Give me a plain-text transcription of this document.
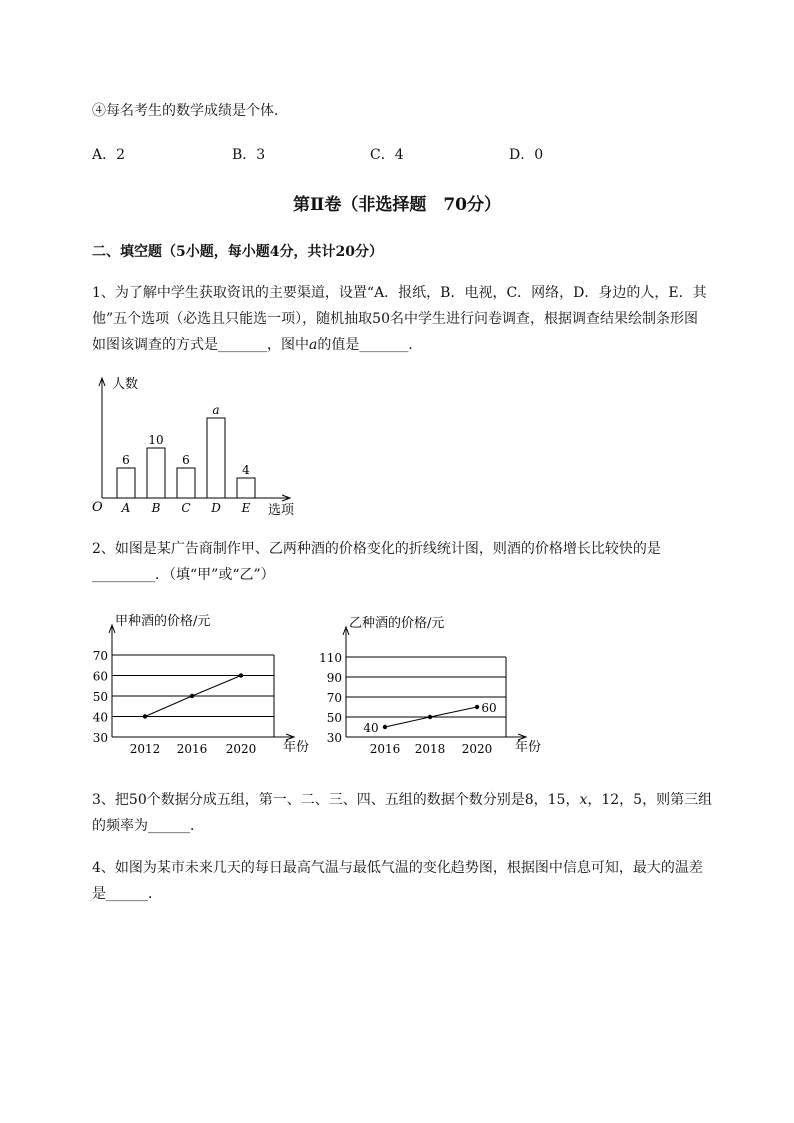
④每名考生的数学成绩是个体．
A．2	B．3	C．4	D．0
第Ⅱ卷（非选择题　70分）
二、填空题（5小题，每小题4分，共计20分）
1、为了解中学生获取资讯的主要渠道，设置“A．报纸，B．电视，C．网络，D．身边的人，E．其
他”五个选项（必选且只能选一项），随机抽取50名中学生进行问卷调查，根据调查结果绘制条形图
如图该调查的方式是_______，图中a的值是_______．
人数
选项
O
6
A
10
B
6
C
a
D
4
E
2、如图是某广告商制作甲、乙两种酒的价格变化的折线统计图，则酒的价格增长比较快的是
_________．（填“甲”或“乙”）
甲种酒的价格/元
年份
30
40
50
60
70
2012 2016 2020
乙种酒的价格/元
年份
30
50
70
90
110
2016
40
2018 2020
60
3、把50个数据分成五组，第一、二、三、四、五组的数据个数分别是8，15，x，12，5，则第三组
的频率为______．
4、如图为某市未来几天的每日最高气温与最低气温的变化趋势图，根据图中信息可知，最大的温差
是______．
